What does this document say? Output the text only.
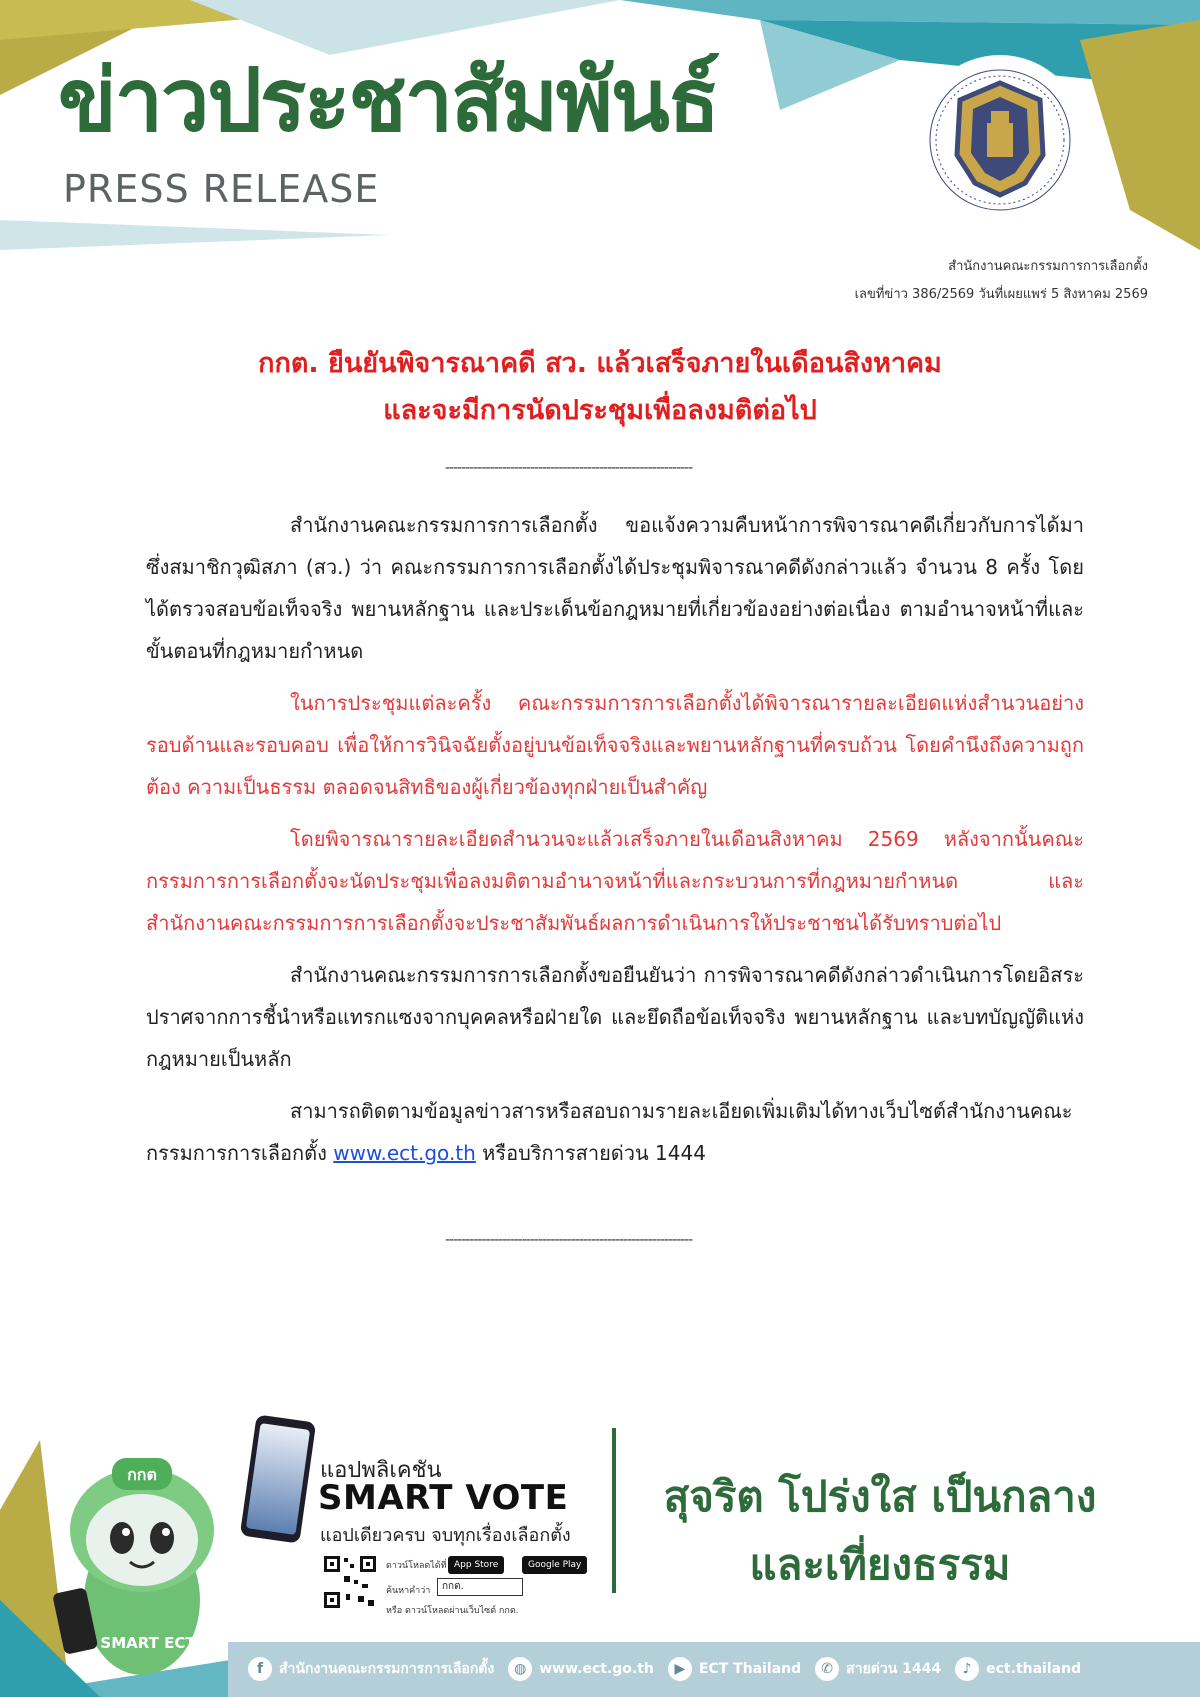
ข่าวประชาสัมพันธ์
PRESS RELEASE
สำนักงานคณะกรรมการการเลือกตั้ง
เลขที่ข่าว 386/2569 วันที่เผยแพร่ 5 สิงหาคม 2569
กกต. ยืนยันพิจารณาคดี สว. แล้วเสร็จภายในเดือนสิงหาคม
และจะมีการนัดประชุมเพื่อลงมติต่อไป
-------------------------------------------------------------

สำนักงานคณะกรรมการการเลือกตั้ง ขอแจ้งความคืบหน้าการพิจารณาคดีเกี่ยวกับการได้มาซึ่งสมาชิกวุฒิสภา (สว.) ว่า คณะกรรมการการเลือกตั้งได้ประชุมพิจารณาคดีดังกล่าวแล้ว จำนวน 8 ครั้ง โดยได้ตรวจสอบข้อเท็จจริง พยานหลักฐาน และประเด็นข้อกฎหมายที่เกี่ยวข้องอย่างต่อเนื่อง ตามอำนาจหน้าที่และขั้นตอนที่กฎหมายกำหนด

ในการประชุมแต่ละครั้ง คณะกรรมการการเลือกตั้งได้พิจารณารายละเอียดแห่งสำนวนอย่างรอบด้านและรอบคอบ เพื่อให้การวินิจฉัยตั้งอยู่บนข้อเท็จจริงและพยานหลักฐานที่ครบถ้วน โดยคำนึงถึงความถูกต้อง ความเป็นธรรม ตลอดจนสิทธิของผู้เกี่ยวข้องทุกฝ่ายเป็นสำคัญ

โดยพิจารณารายละเอียดสำนวนจะแล้วเสร็จภายในเดือนสิงหาคม 2569 หลังจากนั้นคณะกรรมการการเลือกตั้งจะนัดประชุมเพื่อลงมติตามอำนาจหน้าที่และกระบวนการที่กฎหมายกำหนด และสำนักงานคณะกรรมการการเลือกตั้งจะประชาสัมพันธ์ผลการดำเนินการให้ประชาชนได้รับทราบต่อไป

สำนักงานคณะกรรมการการเลือกตั้งขอยืนยันว่า การพิจารณาคดีดังกล่าวดำเนินการโดยอิสระ ปราศจากการชี้นำหรือแทรกแซงจากบุคคลหรือฝ่ายใด และยึดถือข้อเท็จจริง พยานหลักฐาน และบทบัญญัติแห่งกฎหมายเป็นหลัก

สามารถติดตามข้อมูลข่าวสารหรือสอบถามรายละเอียดเพิ่มเติมได้ทางเว็บไซต์สำนักงานคณะกรรมการการเลือกตั้ง www.ect.go.th หรือบริการสายด่วน 1444

-------------------------------------------------------------
กกต
SMART ECT
แอปพลิเคชัน
SMART VOTE
แอปเดียวครบ จบทุกเรื่องเลือกตั้ง
ดาวน์โหลดได้ที่ App Store	Google Play
ค้นหาคำว่า	กกต.
หรือ ดาวน์โหลดผ่านเว็บไซต์ กกต.
สุจริต โปร่งใส เป็นกลาง
และเที่ยงธรรม
f	สำนักงานคณะกรรมการการเลือกตั้ง	◍ www.ect.go.th	▶ ECT Thailand	✆ สายด่วน 1444	♪	ect.thailand
